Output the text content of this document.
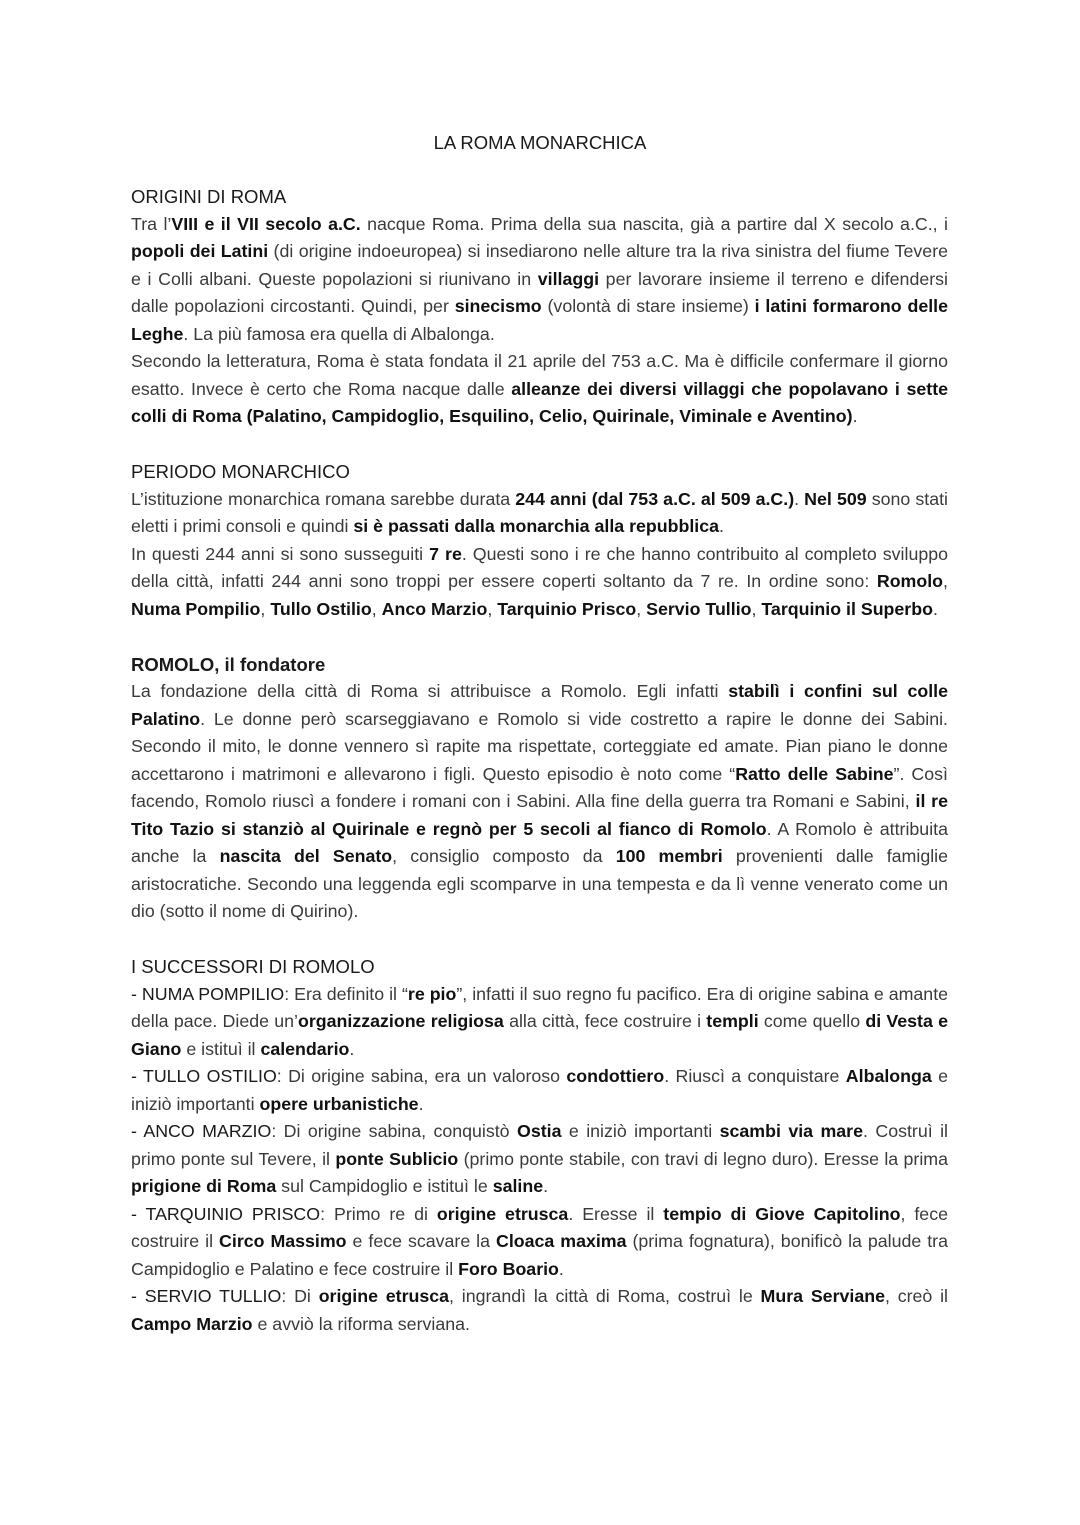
LA ROMA MONARCHICA
ORIGINI DI ROMA

Tra l’VIII e il VII secolo a.C. nacque Roma. Prima della sua nascita, già a partire dal X secolo a.C., i popoli dei Latini (di origine indoeuropea) si insediarono nelle alture tra la riva sinistra del fiume Tevere e i Colli albani. Queste popolazioni si riunivano in villaggi per lavorare insieme il terreno e difendersi dalle popolazioni circostanti. Quindi, per sinecismo (volontà di stare insieme) i latini formarono delle Leghe. La più famosa era quella di Albalonga.

Secondo la letteratura, Roma è stata fondata il 21 aprile del 753 a.C. Ma è difficile confermare il giorno esatto. Invece è certo che Roma nacque dalle alleanze dei diversi villaggi che popolavano i sette colli di Roma (Palatino, Campidoglio, Esquilino, Celio, Quirinale, Viminale e Aventino).

PERIODO MONARCHICO

L’istituzione monarchica romana sarebbe durata 244 anni (dal 753 a.C. al 509 a.C.). Nel 509 sono stati eletti i primi consoli e quindi si è passati dalla monarchia alla repubblica.

In questi 244 anni si sono susseguiti 7 re. Questi sono i re che hanno contribuito al completo sviluppo della città, infatti 244 anni sono troppi per essere coperti soltanto da 7 re. In ordine sono: Romolo, Numa Pompilio, Tullo Ostilio, Anco Marzio, Tarquinio Prisco, Servio Tullio, Tarquinio il Superbo.

ROMOLO, il fondatore

La fondazione della città di Roma si attribuisce a Romolo. Egli infatti stabilì i confini sul colle Palatino. Le donne però scarseggiavano e Romolo si vide costretto a rapire le donne dei Sabini. Secondo il mito, le donne vennero sì rapite ma rispettate, corteggiate ed amate. Pian piano le donne accettarono i matrimoni e allevarono i figli. Questo episodio è noto come “Ratto delle Sabine”. Così facendo, Romolo riuscì a fondere i romani con i Sabini. Alla fine della guerra tra Romani e Sabini, il re Tito Tazio si stanziò al Quirinale e regnò per 5 secoli al fianco di Romolo. A Romolo è attribuita anche la nascita del Senato, consiglio composto da 100 membri provenienti dalle famiglie aristocratiche. Secondo una leggenda egli scomparve in una tempesta e da lì venne venerato come un dio (sotto il nome di Quirino).

I SUCCESSORI DI ROMOLO

- NUMA POMPILIO: Era definito il “re pio”, infatti il suo regno fu pacifico. Era di origine sabina e amante della pace. Diede un’organizzazione religiosa alla città, fece costruire i templi come quello di Vesta e Giano e istituì il calendario.

- TULLO OSTILIO: Di origine sabina, era un valoroso condottiero. Riuscì a conquistare Albalonga e iniziò importanti opere urbanistiche.

- ANCO MARZIO: Di origine sabina, conquistò Ostia e iniziò importanti scambi via mare. Costruì il primo ponte sul Tevere, il ponte Sublicio (primo ponte stabile, con travi di legno duro). Eresse la prima prigione di Roma sul Campidoglio e istituì le saline.

- TARQUINIO PRISCO: Primo re di origine etrusca. Eresse il tempio di Giove Capitolino, fece costruire il Circo Massimo e fece scavare la Cloaca maxima (prima fognatura), bonificò la palude tra Campidoglio e Palatino e fece costruire il Foro Boario.

- SERVIO TULLIO: Di origine etrusca, ingrandì la città di Roma, costruì le Mura Serviane, creò il Campo Marzio e avviò la riforma serviana.
